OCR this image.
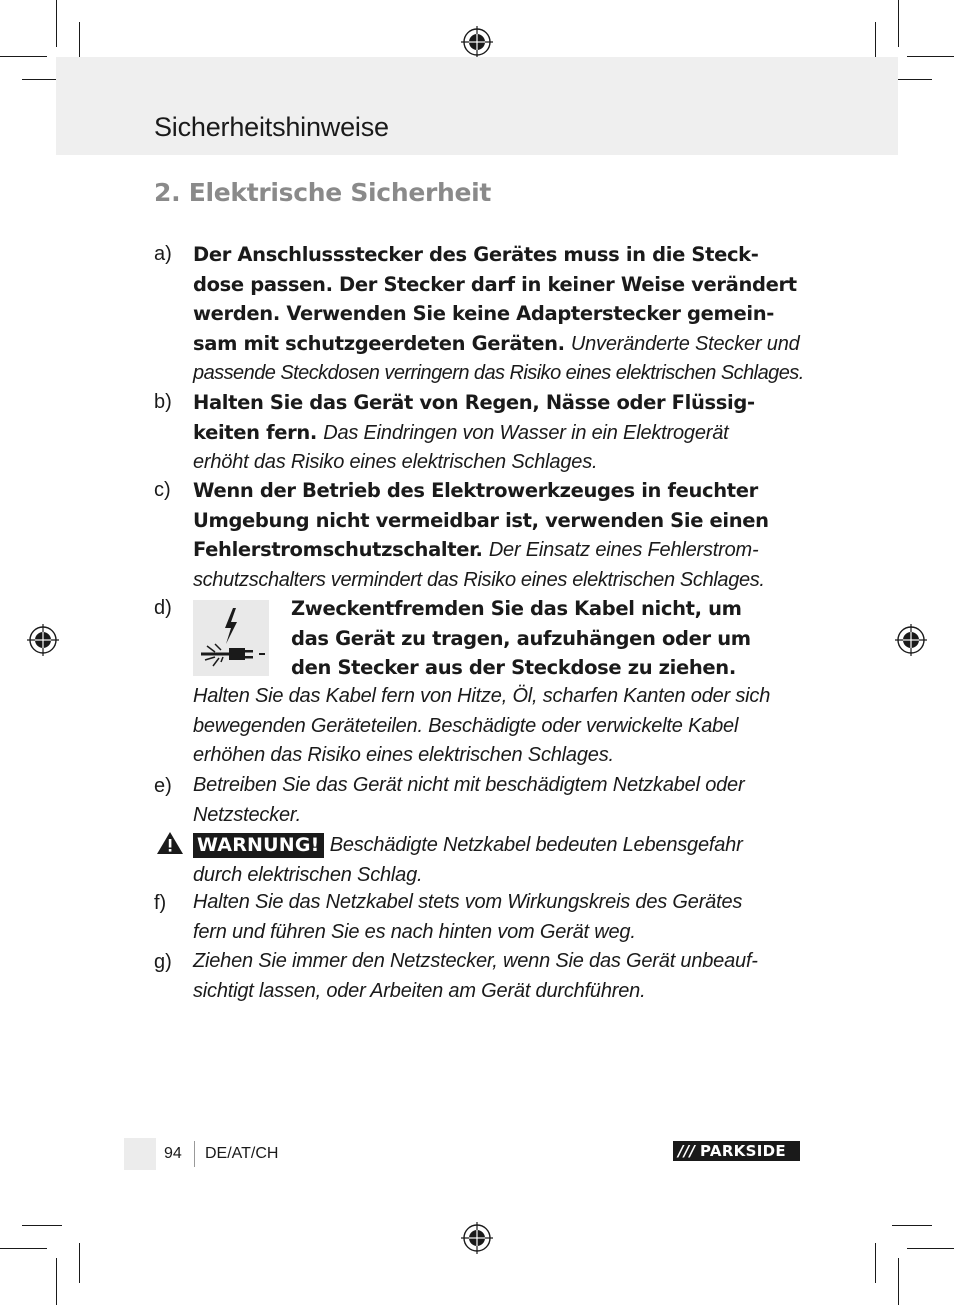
Sicherheitshinweise
2. Elektrische Sicherheit
a) Der Anschlussstecker des Gerätes muss in die Steck-
dose passen. Der Stecker darf in keiner Weise verändert
werden. Verwenden Sie keine Adapterstecker gemein-
sam mit schutzgeerdeten Geräten. Unveränderte Stecker und
passende Steckdosen verringern das Risiko eines elektrischen Schlages.
b) Halten Sie das Gerät von Regen, Nässe oder Flüssig-
keiten fern. Das Eindringen von Wasser in ein Elektrogerät
erhöht das Risiko eines elektrischen Schlages.
c) Wenn der Betrieb des Elektrowerkzeuges in feuchter
Umgebung nicht vermeidbar ist, verwenden Sie einen
Fehlerstromschutzschalter. Der Einsatz eines Fehlerstrom-
schutzschalters vermindert das Risiko eines elektrischen Schlages.
d)	Zweckentfremden Sie das Kabel nicht, um
das Gerät zu tragen, aufzuhängen oder um
den Stecker aus der Steckdose zu ziehen.
Halten Sie das Kabel fern von Hitze, Öl, scharfen Kanten oder sich
bewegenden Geräteteilen. Beschädigte oder verwickelte Kabel
erhöhen das Risiko eines elektrischen Schlages.
e) Betreiben Sie das Gerät nicht mit beschädigtem Netzkabel oder
Netzstecker.
WARNUNG! Beschädigte Netzkabel bedeuten Lebensgefahr
durch elektrischen Schlag.
f) Halten Sie das Netzkabel stets vom Wirkungskreis des Gerätes
fern und führen Sie es nach hinten vom Gerät weg.
g) Ziehen Sie immer den Netzstecker, wenn Sie das Gerät unbeauf-
sichtigt lassen, oder Arbeiten am Gerät durchführen.
94 DE/AT/CH	/// PARKSIDE
